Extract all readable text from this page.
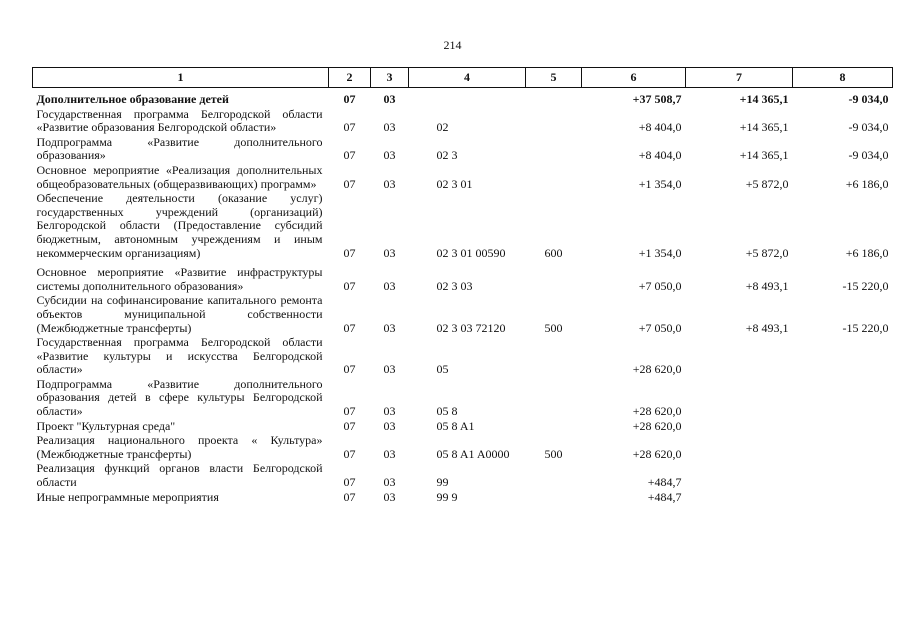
214
1	2	3	4	5	6	7	8
Дополнительное образование детей	07	03			+37 508,7	+14 365,1	-9 034,0
Государственная программа Белгородской области «Развитие образования Белгородской области»	07	03	02		+8 404,0	+14 365,1	-9 034,0
Подпрограмма «Развитие дополнительного образования»	07	03	02 3		+8 404,0	+14 365,1	-9 034,0
Основное мероприятие «Реализация дополнительных общеобразовательных (общеразвивающих) программ»	07	03	02 3 01		+1 354,0	+5 872,0	+6 186,0
Обеспечение деятельности (оказание услуг) государственных учреждений (организаций) Белгородской области (Предоставление субсидий бюджетным, автономным учреждениям и иным некоммерческим организациям)	07	03	02 3 01 00590	600	+1 354,0	+5 872,0	+6 186,0
Основное мероприятие «Развитие инфраструктуры системы дополнительного образования»	07	03	02 3 03		+7 050,0	+8 493,1	-15 220,0
Субсидии на софинансирование капитального ремонта объектов муниципальной собственности (Межбюджетные трансферты)	07	03	02 3 03 72120	500	+7 050,0	+8 493,1	-15 220,0
Государственная программа Белгородской области «Развитие культуры и искусства Белгородской области»	07	03	05		+28 620,0		
Подпрограмма «Развитие дополнительного образования детей в сфере культуры Белгородской области»	07	03	05 8		+28 620,0		
Проект "Культурная среда"	07	03	05 8 A1		+28 620,0		
Реализация национального проекта « Культура» (Межбюджетные трансферты)	07	03	05 8 A1 A0000	500	+28 620,0		
Реализация функций органов власти Белгородской области	07	03	99		+484,7		
Иные непрограммные мероприятия	07	03	99 9		+484,7		
